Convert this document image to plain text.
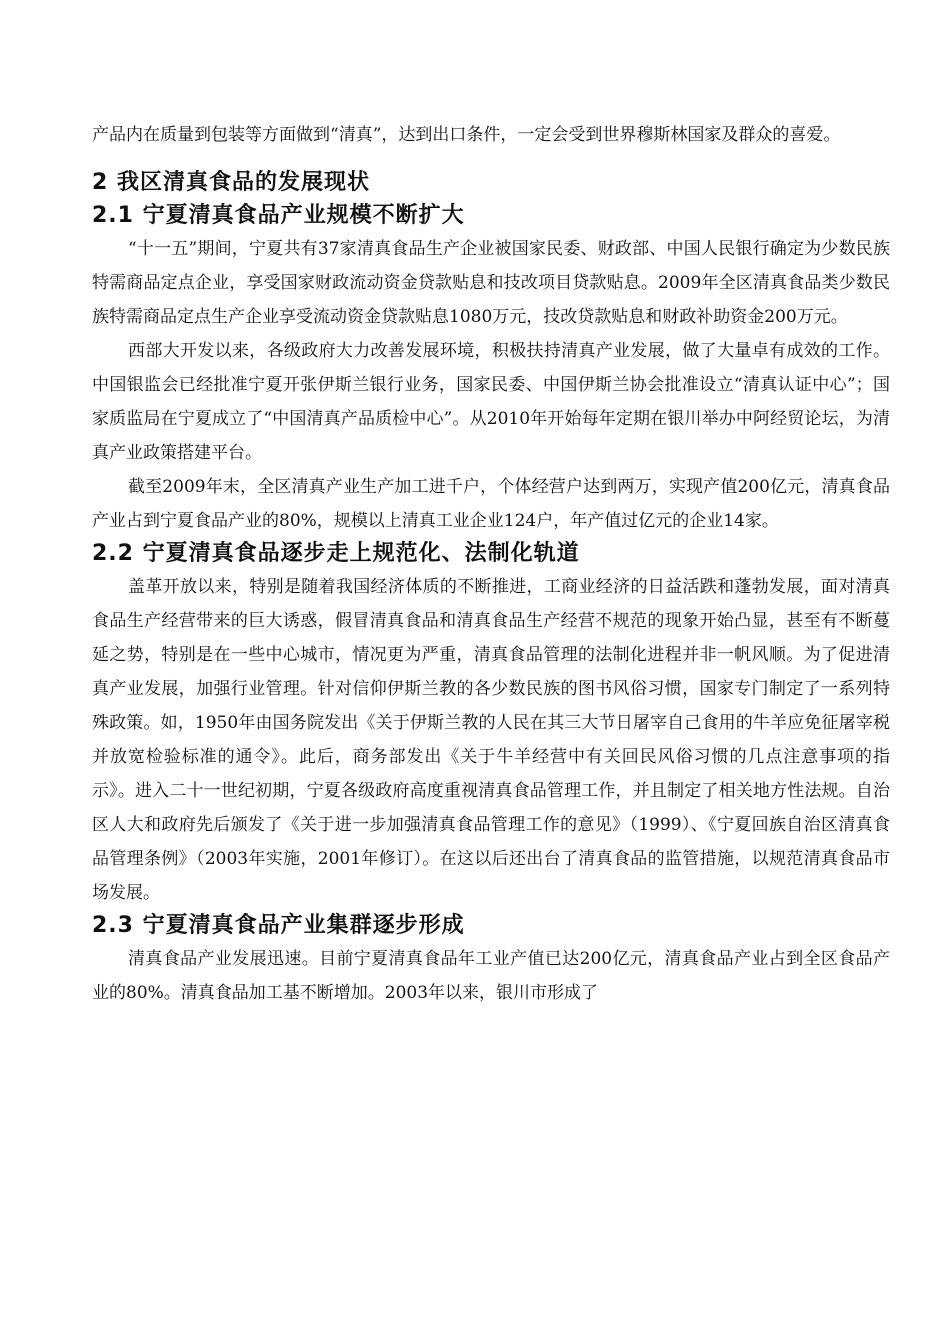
产品内在质量到包装等方面做到“清真”，达到出口条件，一定会受到世界穆斯林国家及群众的喜爱。

2 我区清真食品的发展现状
2.1 宁夏清真食品产业规模不断扩大

“十一五”期间，宁夏共有37家清真食品生产企业被国家民委、财政部、中国人民银行确定为少数民族特需商品定点企业，享受国家财政流动资金贷款贴息和技改项目贷款贴息。2009年全区清真食品类少数民族特需商品定点生产企业享受流动资金贷款贴息1080万元，技改贷款贴息和财政补助资金200万元。

西部大开发以来，各级政府大力改善发展环境，积极扶持清真产业发展，做了大量卓有成效的工作。中国银监会已经批准宁夏开张伊斯兰银行业务，国家民委、中国伊斯兰协会批准设立“清真认证中心”；国家质监局在宁夏成立了“中国清真产品质检中心”。从2010年开始每年定期在银川举办中阿经贸论坛，为清真产业政策搭建平台。

截至2009年末，全区清真产业生产加工进千户，个体经营户达到两万，实现产值200亿元，清真食品产业占到宁夏食品产业的80%，规模以上清真工业企业124户，年产值过亿元的企业14家。

2.2 宁夏清真食品逐步走上规范化、法制化轨道

盖革开放以来，特别是随着我国经济体质的不断推进，工商业经济的日益活跌和蓬勃发展，面对清真食品生产经营带来的巨大诱惑，假冒清真食品和清真食品生产经营不规范的现象开始凸显，甚至有不断蔓延之势，特别是在一些中心城市，情况更为严重，清真食品管理的法制化进程并非一帆风顺。为了促进清真产业发展，加强行业管理。针对信仰伊斯兰教的各少数民族的图书风俗习惯，国家专门制定了一系列特殊政策。如，1950年由国务院发出《关于伊斯兰教的人民在其三大节日屠宰自己食用的牛羊应免征屠宰税并放宽检验标准的通令》。此后，商务部发出《关于牛羊经营中有关回民风俗习惯的几点注意事项的指示》。进入二十一世纪初期，宁夏各级政府高度重视清真食品管理工作，并且制定了相关地方性法规。自治区人大和政府先后颁发了《关于进一步加强清真食品管理工作的意见》（1999）、《宁夏回族自治区清真食品管理条例》（2003年实施，2001年修订）。在这以后还出台了清真食品的监管措施，以规范清真食品市场发展。

2.3 宁夏清真食品产业集群逐步形成

清真食品产业发展迅速。目前宁夏清真食品年工业产值已达200亿元，清真食品产业占到全区食品产业的80%。清真食品加工基不断增加。2003年以来，银川市形成了
